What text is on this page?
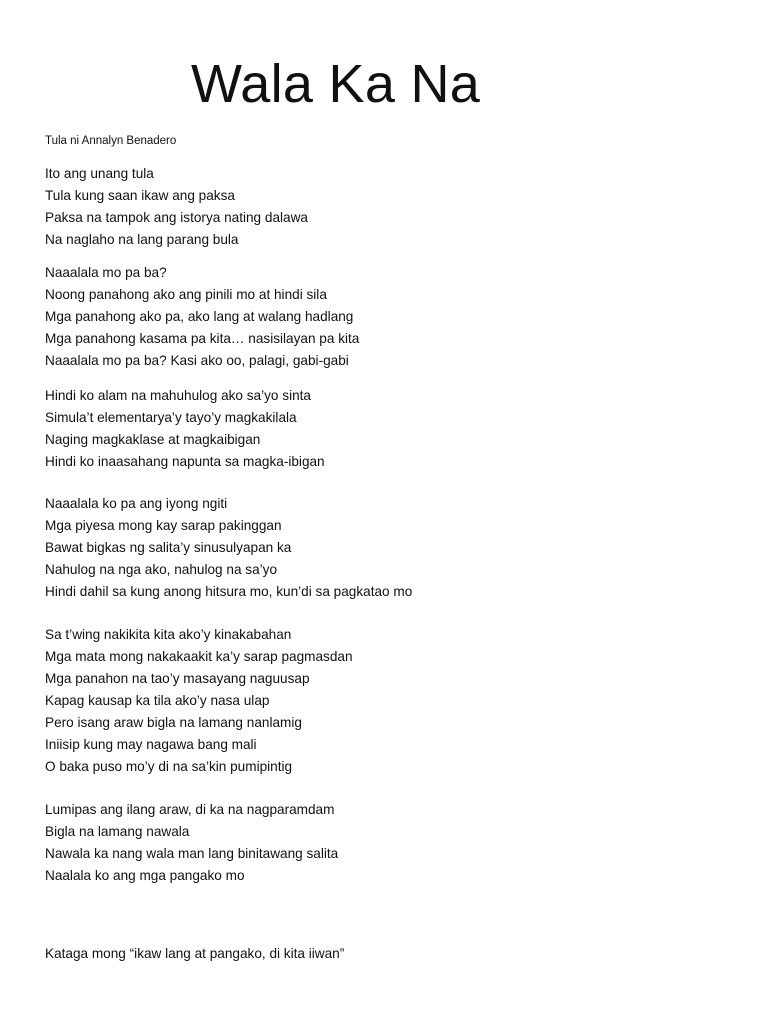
Wala Ka Na

Tula ni Annalyn Benadero

Ito ang unang tula
Tula kung saan ikaw ang paksa
Paksa na tampok ang istorya nating dalawa
Na naglaho na lang parang bula

Naaalala mo pa ba?
Noong panahong ako ang pinili mo at hindi sila
Mga panahong ako pa, ako lang at walang hadlang
Mga panahong kasama pa kita… nasisilayan pa kita
Naaalala mo pa ba? Kasi ako oo, palagi, gabi-gabi

Hindi ko alam na mahuhulog ako sa’yo sinta
Simula’t elementarya’y tayo’y magkakilala
Naging magkaklase at magkaibigan
Hindi ko inaasahang napunta sa magka-ibigan

Naaalala ko pa ang iyong ngiti
Mga piyesa mong kay sarap pakinggan
Bawat bigkas ng salita’y sinusulyapan ka
Nahulog na nga ako, nahulog na sa’yo
Hindi dahil sa kung anong hitsura mo, kun’di sa pagkatao mo

Sa t’wing nakikita kita ako’y kinakabahan
Mga mata mong nakakaakit ka’y sarap pagmasdan
Mga panahon na tao’y masayang naguusap
Kapag kausap ka tila ako’y nasa ulap
Pero isang araw bigla na lamang nanlamig
Iniisip kung may nagawa bang mali
O baka puso mo’y di na sa’kin pumipintig

Lumipas ang ilang araw, di ka na nagparamdam
Bigla na lamang nawala
Nawala ka nang wala man lang binitawang salita
Naalala ko ang mga pangako mo

Kataga mong “ikaw lang at pangako, di kita iiwan”
